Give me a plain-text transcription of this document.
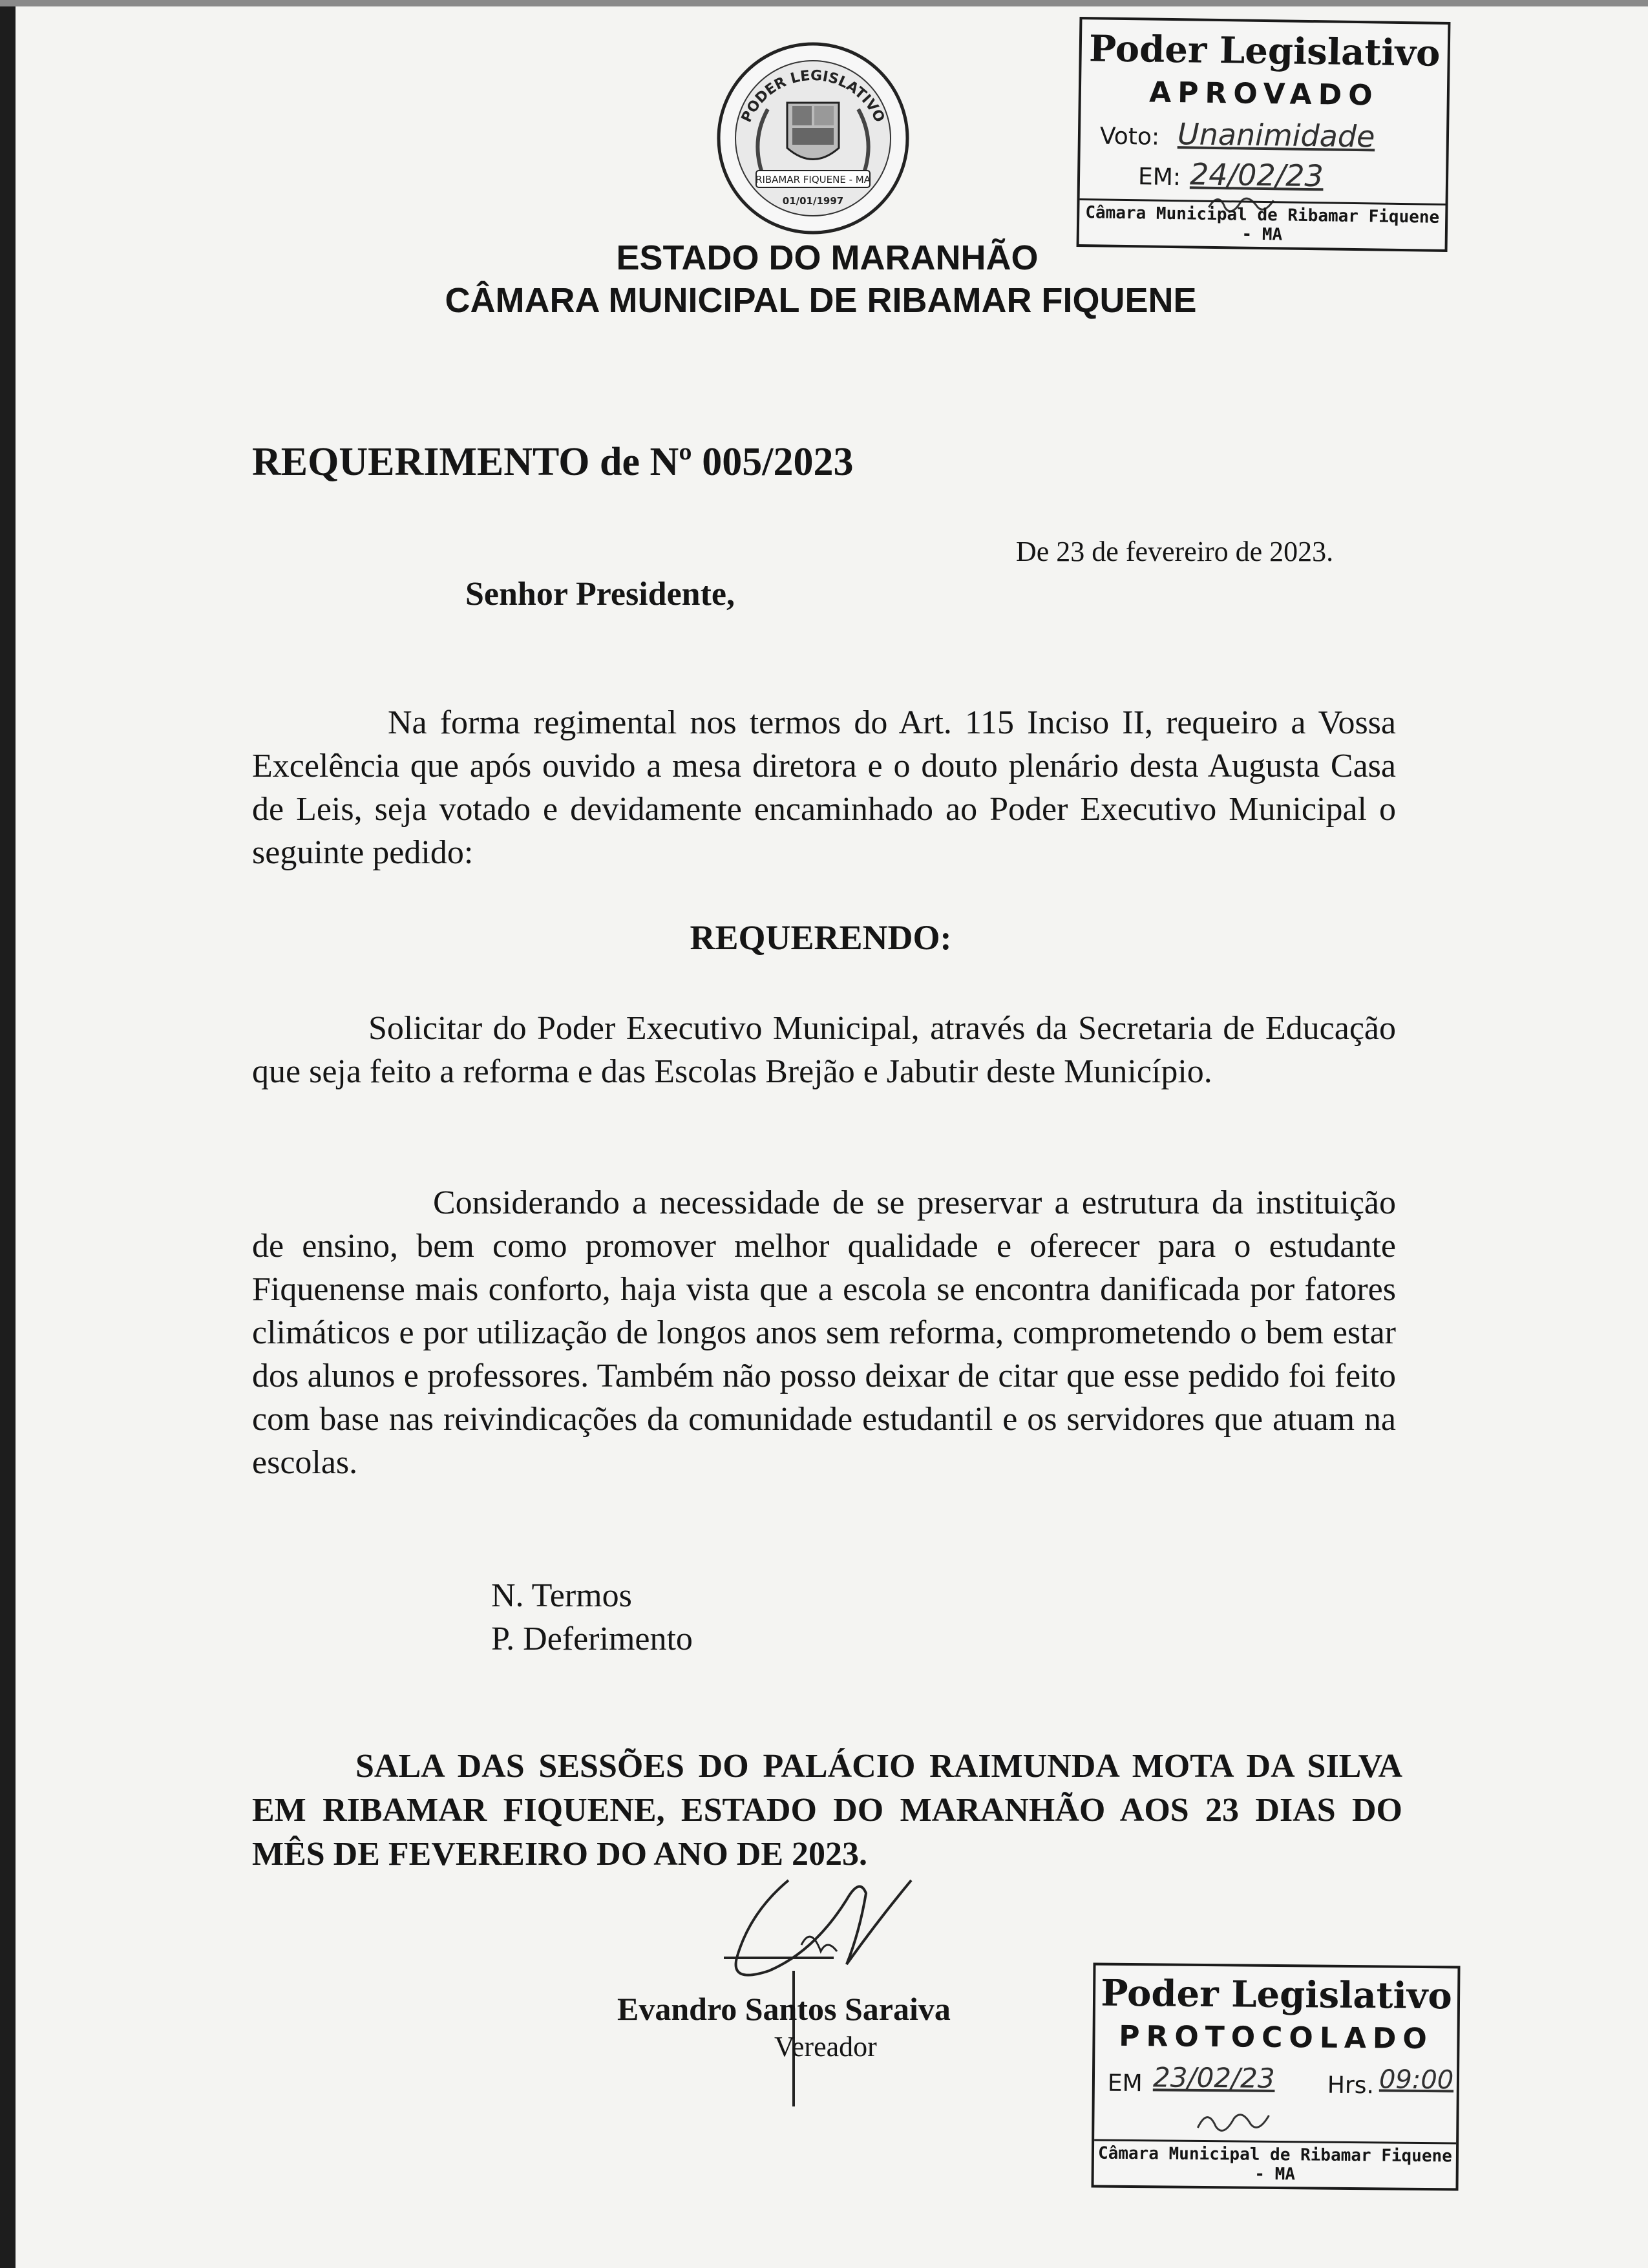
PODER LEGISLATIVO
RIBAMAR FIQUENE - MA
01/01/1997
ESTADO DO MARANHÃO
CÂMARA MUNICIPAL DE RIBAMAR FIQUENE
Poder Legislativo
APROVADO
Voto: Unanimidade
EM: 24/02/23
Câmara Municipal de Ribamar Fiquene - MA
REQUERIMENTO de Nº 005/2023
De 23 de fevereiro de 2023.
Senhor Presidente,
Na forma regimental nos termos do Art. 115 Inciso II, requeiro a Vossa Excelência que após ouvido a mesa diretora e o douto plenário desta Augusta Casa de Leis, seja votado e devidamente encaminhado ao Poder Executivo Municipal o seguinte pedido:
REQUERENDO:
Solicitar do Poder Executivo Municipal, através da Secretaria de Educação que seja feito a reforma e das Escolas Brejão e Jabutir deste Município.
Considerando a necessidade de se preservar a estrutura da instituição de ensino, bem como promover melhor qualidade e oferecer para o estudante Fiquenense mais conforto, haja vista que a escola se encontra danificada por fatores climáticos e por utilização de longos anos sem reforma, comprometendo o bem estar dos alunos e professores. Também não posso deixar de citar que esse pedido foi feito com base nas reivindicações da comunidade estudantil e os servidores que atuam na escolas.
N. Termos
P. Deferimento
SALA DAS SESSÕES DO PALÁCIO RAIMUNDA MOTA DA SILVA EM RIBAMAR FIQUENE, ESTADO DO MARANHÃO AOS 23 DIAS DO MÊS DE FEVEREIRO DO ANO DE 2023.
Evandro Santos Saraiva
Vereador
Poder Legislativo
PROTOCOLADO
EM 23/02/23 Hrs. 09:00
Câmara Municipal de Ribamar Fiquene - MA
